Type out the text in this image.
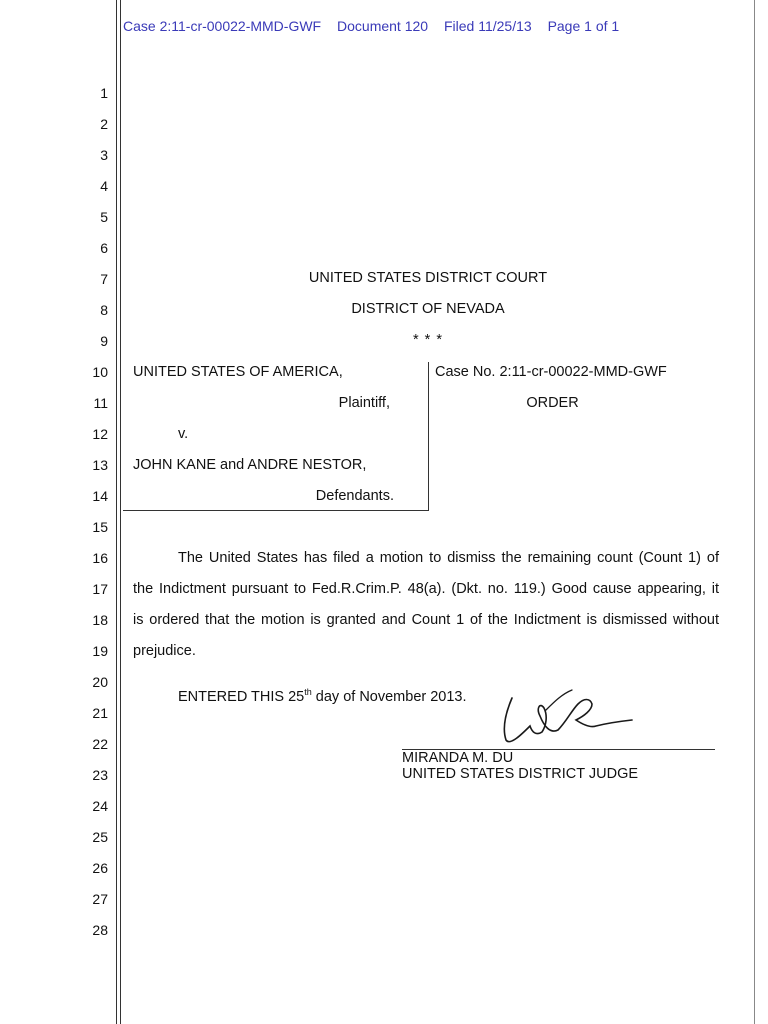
Case 2:11-cr-00022-MMD-GWF Document 120 Filed 11/25/13 Page 1 of 1
1
2
3
4
5
6
7
8
9
10
11
12
13
14
15
16
17
18
19
20
21
22
23
24
25
26
27
28
UNITED STATES DISTRICT COURT
DISTRICT OF NEVADA
* * *
UNITED STATES OF AMERICA,
Plaintiff,
v.
JOHN KANE and ANDRE NESTOR,
Defendants.
Case No. 2:11-cr-00022-MMD-GWF
ORDER
The United States has filed a motion to dismiss the remaining count (Count 1) of
the Indictment pursuant to Fed.R.Crim.P. 48(a). (Dkt. no. 119.) Good cause appearing, it
is ordered that the motion is granted and Count 1 of the Indictment is dismissed without
prejudice.
ENTERED THIS 25th day of November 2013.
MIRANDA M. DU
UNITED STATES DISTRICT JUDGE
